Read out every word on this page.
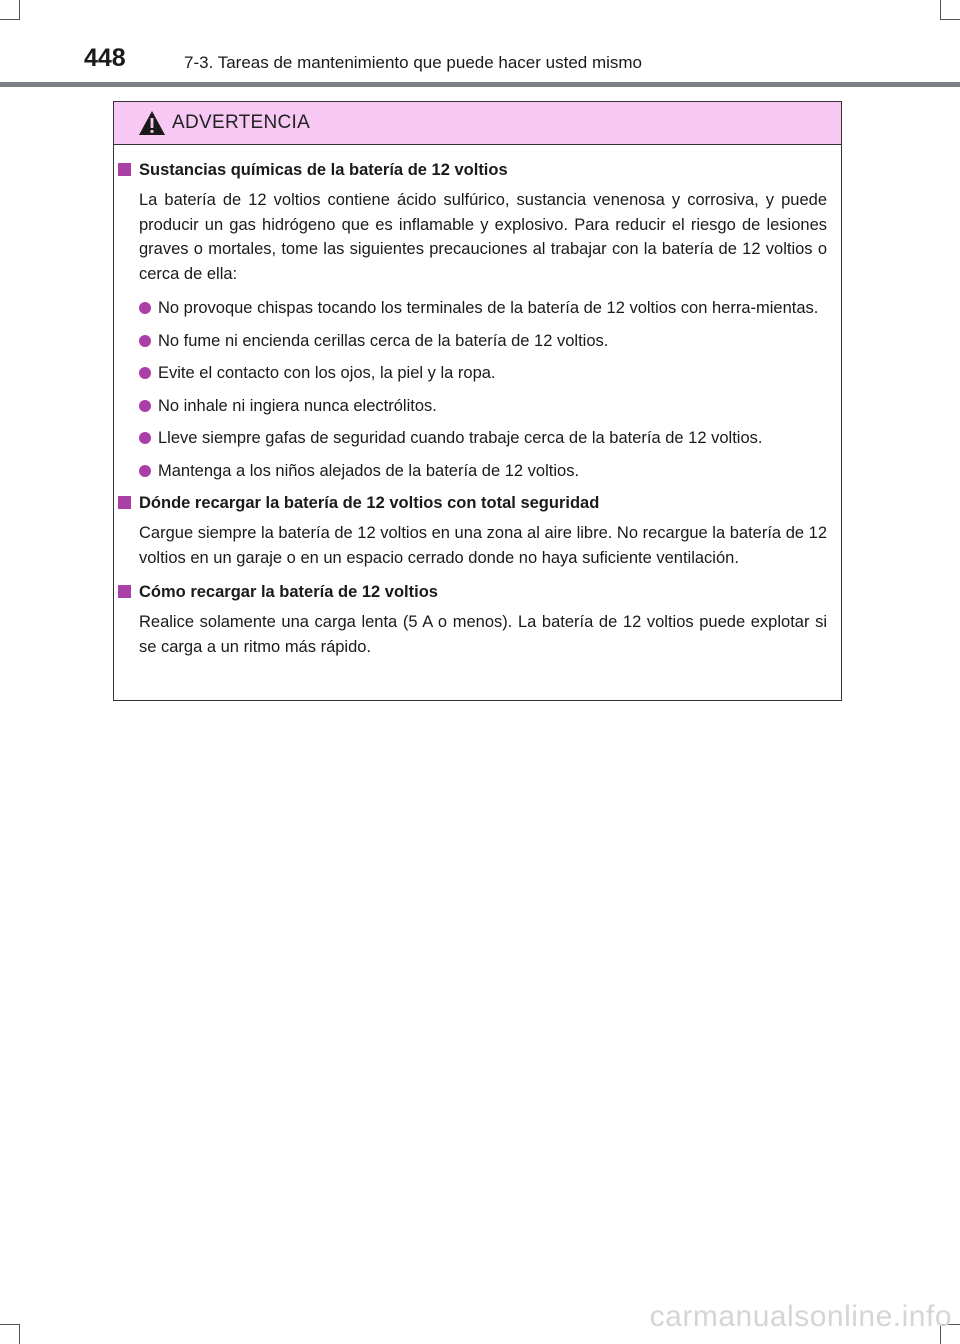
448	7-3. Tareas de mantenimiento que puede hacer usted mismo
ADVERTENCIA
Sustancias químicas de la batería de 12 voltios

La batería de 12 voltios contiene ácido sulfúrico, sustancia venenosa y corrosiva, y puede producir un gas hidrógeno que es inflamable y explosivo. Para reducir el riesgo de lesiones graves o mortales, tome las siguientes precauciones al trabajar con la batería de 12 voltios o cerca de ella:

No provoque chispas tocando los terminales de la batería de 12 voltios con herra-mientas.
No fume ni encienda cerillas cerca de la batería de 12 voltios.
Evite el contacto con los ojos, la piel y la ropa.
No inhale ni ingiera nunca electrólitos.
Lleve siempre gafas de seguridad cuando trabaje cerca de la batería de 12 voltios.
Mantenga a los niños alejados de la batería de 12 voltios.
Dónde recargar la batería de 12 voltios con total seguridad

Cargue siempre la batería de 12 voltios en una zona al aire libre. No recargue la batería de 12 voltios en un garaje o en un espacio cerrado donde no haya suficiente ventilación.

Cómo recargar la batería de 12 voltios

Realice solamente una carga lenta (5 A o menos). La batería de 12 voltios puede explotar si se carga a un ritmo más rápido.

carmanualsonline.info
